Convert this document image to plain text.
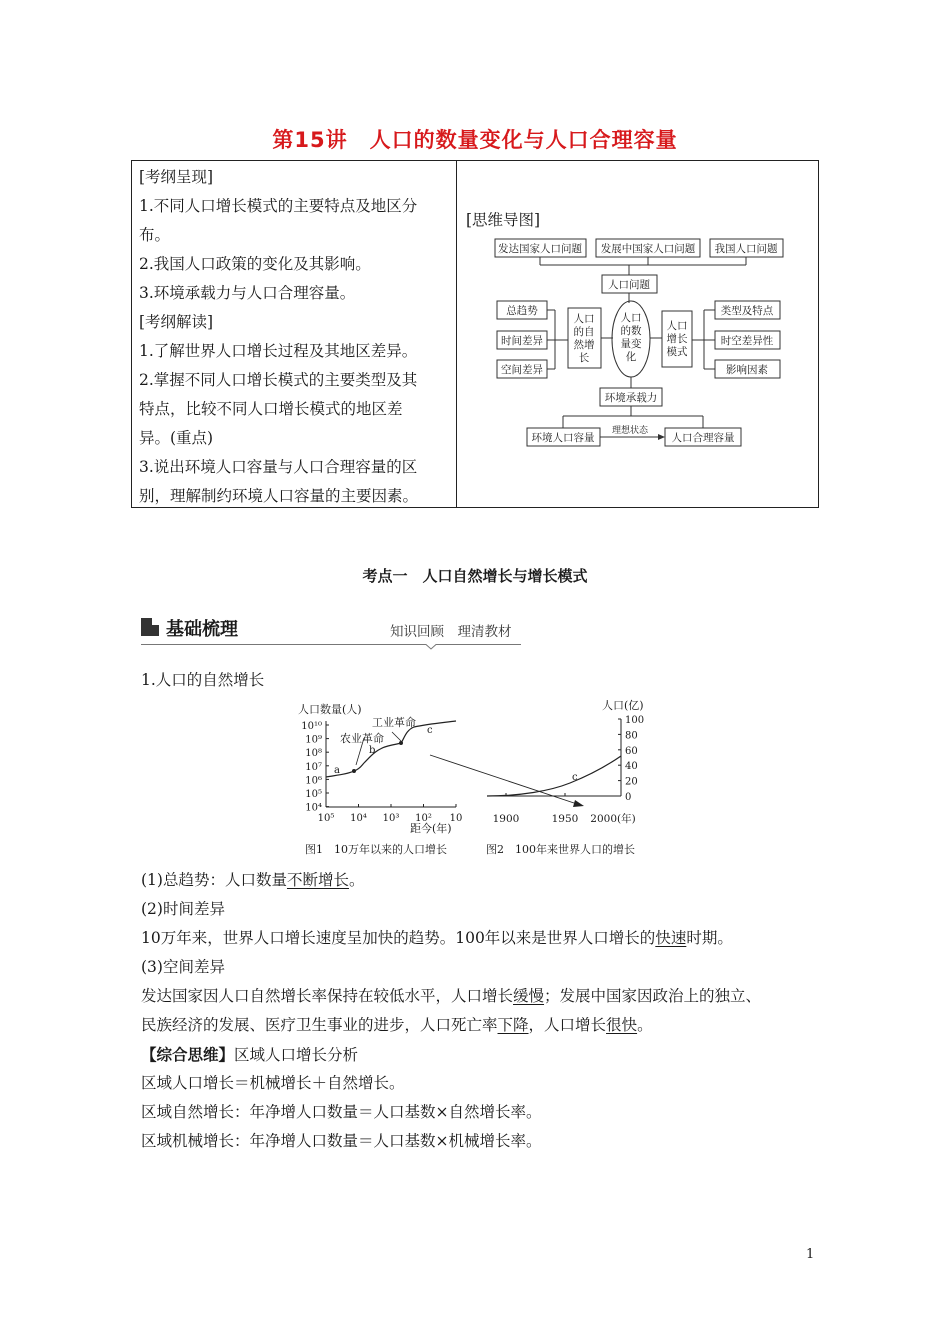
第15讲　人口的数量变化与人口合理容量

[考纲呈现]

1.不同人口增长模式的主要特点及地区分

布。

2.我国人口政策的变化及其影响。

3.环境承载力与人口合理容量。

[考纲解读]

1.了解世界人口增长过程及其地区差异。

2.掌握不同人口增长模式的主要类型及其

特点，比较不同人口增长模式的地区差

异。(重点)

3.说出环境人口容量与人口合理容量的区

别，理解制约环境人口容量的主要因素。

[思维导图]
发达国家人口问题 发展中国家人口问题 我国人口问题
人口问题
总趋势
时间差异
空间差异
人口
的自
然增
长
人口
的数
量变
化
人口
增长
模式
类型及特点
时空差异性
影响因素
环境承载力
环境人口容量
理想状态
人口合理容量
考点一　人口自然增长与增长模式
基础梳理	知识回顾　理清教材
1.人口的自然增长
10¹⁰
10⁹
10⁸
10⁷
10⁶
10⁵
10⁴
10⁵ 10⁴ 10³ 10² 10
100
80
60
40
20
0
1900	1950 2000(年)
人口数量(人)
距今(年)
农业革命
工业革命
a
b
c
人口(亿)
c
图1　10万年以来的人口增长	图2　100年来世界人口的增长
(1)总趋势：人口数量不断增长。
(2)时间差异
10万年来，世界人口增长速度呈加快的趋势。100年以来是世界人口增长的快速时期。
(3)空间差异
发达国家因人口自然增长率保持在较低水平，人口增长缓慢；发展中国家因政治上的独立、
民族经济的发展、医疗卫生事业的进步，人口死亡率下降，人口增长很快。
【综合思维】区域人口增长分析
区域人口增长＝机械增长＋自然增长。
区域自然增长：年净增人口数量＝人口基数×自然增长率。
区域机械增长：年净增人口数量＝人口基数×机械增长率。
1
